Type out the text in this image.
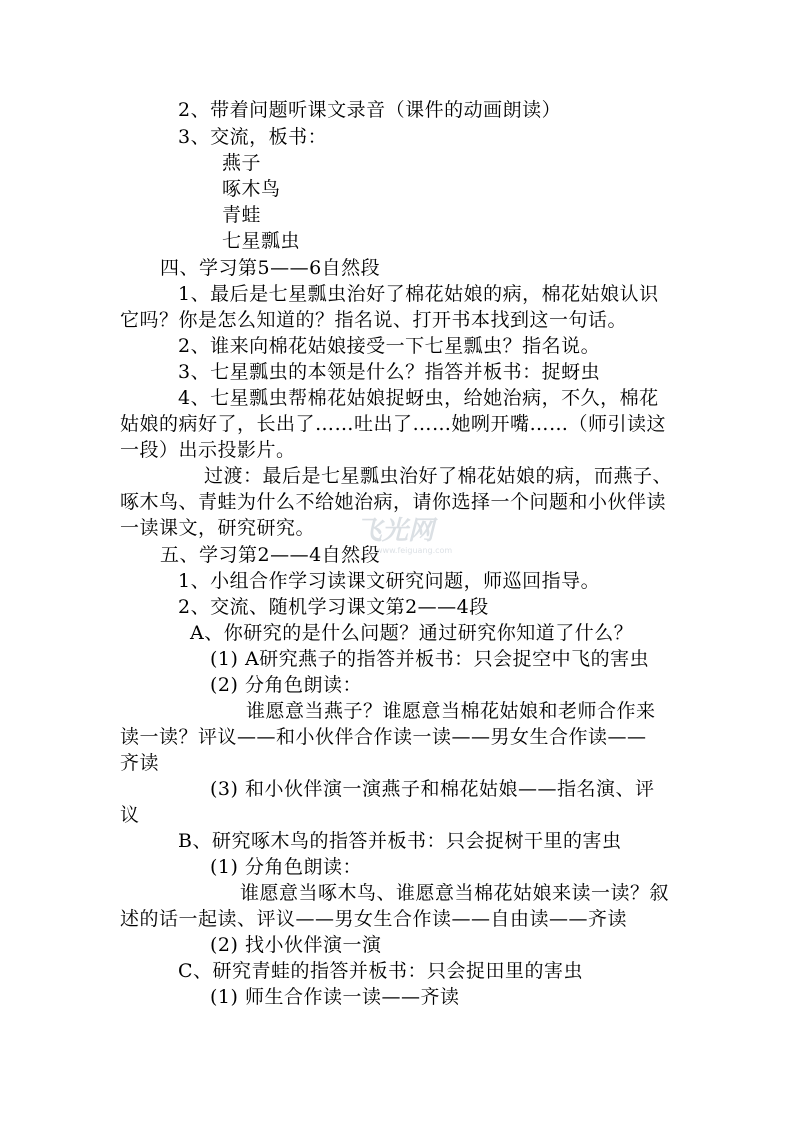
2、带着问题听课文录音（课件的动画朗读）
3、交流，板书：
燕子
啄木鸟
青蛙
七星瓢虫
四、学习第5——6自然段
1、最后是七星瓢虫治好了棉花姑娘的病，棉花姑娘认识
它吗？你是怎么知道的？指名说、打开书本找到这一句话。
2、谁来向棉花姑娘接受一下七星瓢虫？指名说。
3、七星瓢虫的本领是什么？指答并板书：捉蚜虫
4、七星瓢虫帮棉花姑娘捉蚜虫，给她治病，不久，棉花
姑娘的病好了，长出了……吐出了……她咧开嘴……（师引读这
一段）出示投影片。
过渡：最后是七星瓢虫治好了棉花姑娘的病，而燕子、
啄木鸟、青蛙为什么不给她治病，请你选择一个问题和小伙伴读
一读课文，研究研究。
五、学习第2——4自然段
1、小组合作学习读课文研究问题，师巡回指导。
2、交流、随机学习课文第2——4段
A、你研究的是什么问题？通过研究你知道了什么？
(1) A研究燕子的指答并板书：只会捉空中飞的害虫
(2) 分角色朗读：
谁愿意当燕子？谁愿意当棉花姑娘和老师合作来
读一读？评议——和小伙伴合作读一读——男女生合作读——
齐读
(3) 和小伙伴演一演燕子和棉花姑娘——指名演、评
议
B、研究啄木鸟的指答并板书：只会捉树干里的害虫
(1) 分角色朗读：
谁愿意当啄木鸟、谁愿意当棉花姑娘来读一读？叙
述的话一起读、评议——男女生合作读——自由读——齐读
(2) 找小伙伴演一演
C、研究青蛙的指答并板书：只会捉田里的害虫
(1) 师生合作读一读——齐读
飞光网
www.feiguang.com
